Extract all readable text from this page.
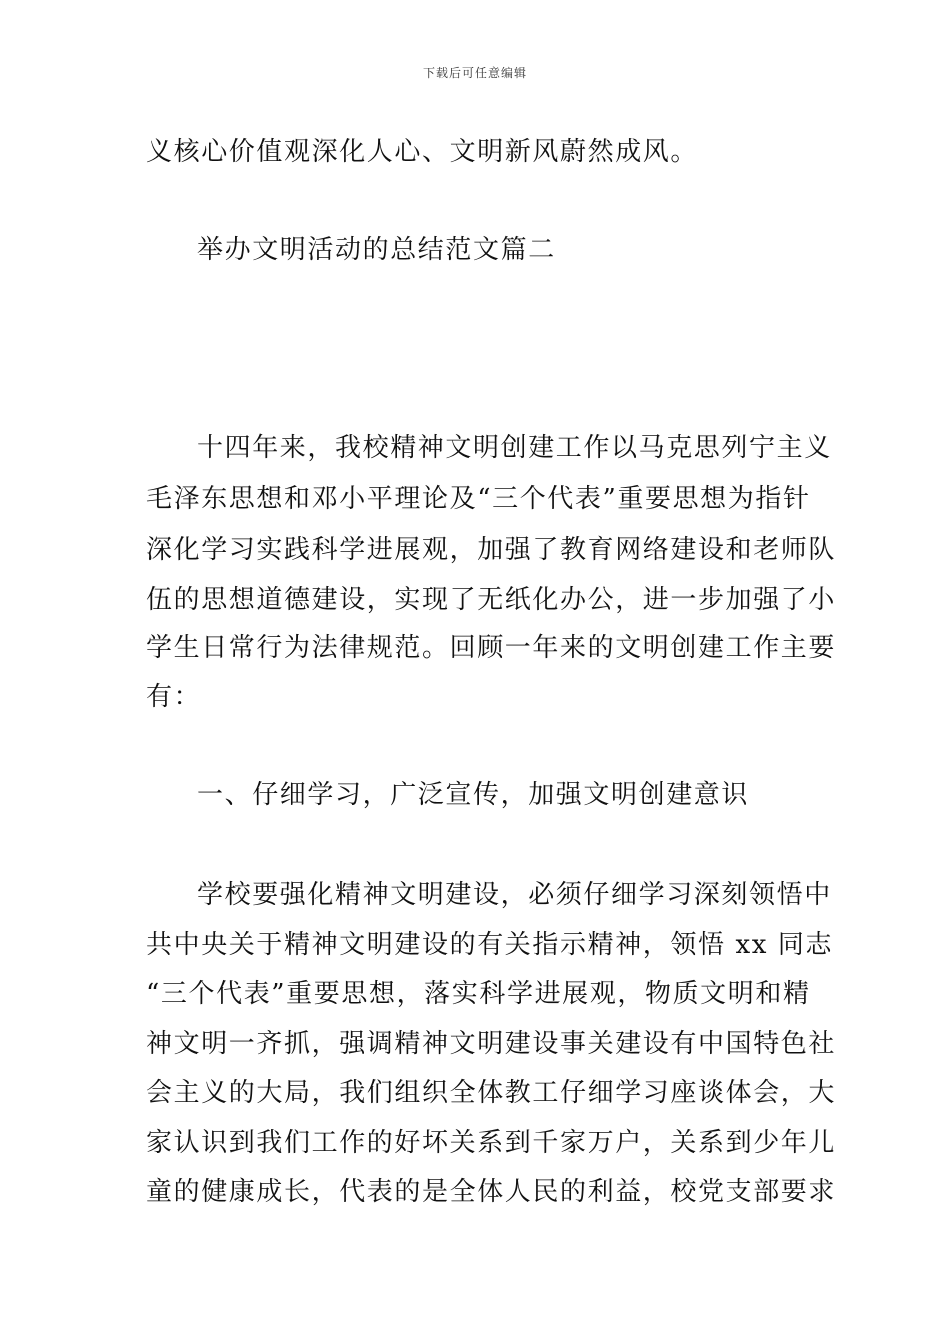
下载后可任意编辑
义核心价值观深化人心、文明新风蔚然成风。
举办文明活动的总结范文篇二
十四年来，我校精神文明创建工作以马克思列宁主义
毛泽东思想和邓小平理论及“三个代表”重要思想为指针
深化学习实践科学进展观，加强了教育网络建设和老师队
伍的思想道德建设，实现了无纸化办公，进一步加强了小
学生日常行为法律规范。回顾一年来的文明创建工作主要
有：
一、仔细学习，广泛宣传，加强文明创建意识
学校要强化精神文明建设，必须仔细学习深刻领悟中
共中央关于精神文明建设的有关指示精神，领悟 xx 同志
“三个代表”重要思想，落实科学进展观，物质文明和精
神文明一齐抓，强调精神文明建设事关建设有中国特色社
会主义的大局，我们组织全体教工仔细学习座谈体会，大
家认识到我们工作的好坏关系到千家万户，关系到少年儿
童的健康成长，代表的是全体人民的利益，校党支部要求
